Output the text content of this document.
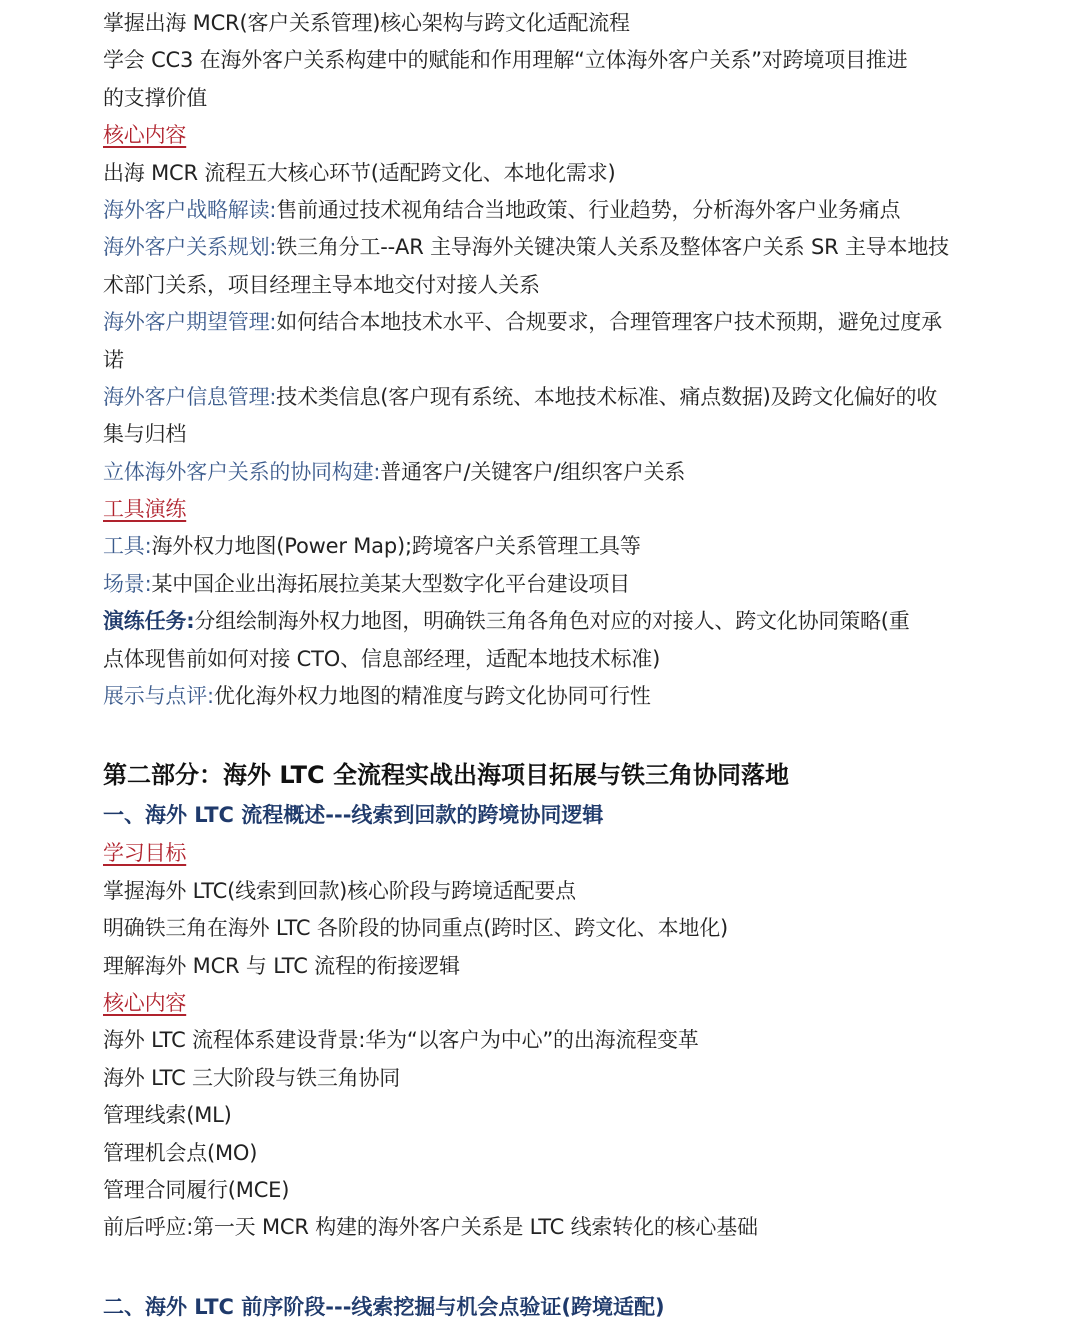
掌握出海 MCR(客户关系管理)核心架构与跨文化适配流程
学会 CC3 在海外客户关系构建中的赋能和作用理解“立体海外客户关系”对跨境项目推进
的支撑价值
核心内容
出海 MCR 流程五大核心环节(适配跨文化、本地化需求)
海外客户战略解读:售前通过技术视角结合当地政策、行业趋势，分析海外客户业务痛点
海外客户关系规划:铁三角分工--AR 主导海外关键决策人关系及整体客户关系 SR 主导本地技
术部门关系，项目经理主导本地交付对接人关系
海外客户期望管理:如何结合本地技术水平、合规要求，合理管理客户技术预期，避免过度承
诺
海外客户信息管理:技术类信息(客户现有系统、本地技术标准、痛点数据)及跨文化偏好的收
集与归档
立体海外客户关系的协同构建:普通客户/关键客户/组织客户关系
工具演练
工具:海外权力地图(Power Map);跨境客户关系管理工具等
场景:某中国企业出海拓展拉美某大型数字化平台建设项目
演练任务:分组绘制海外权力地图，明确铁三角各角色对应的对接人、跨文化协同策略(重
点体现售前如何对接 CTO、信息部经理，适配本地技术标准)
展示与点评:优化海外权力地图的精准度与跨文化协同可行性
第二部分：海外 LTC 全流程实战出海项目拓展与铁三角协同落地
一、海外 LTC 流程概述---线索到回款的跨境协同逻辑
学习目标
掌握海外 LTC(线索到回款)核心阶段与跨境适配要点
明确铁三角在海外 LTC 各阶段的协同重点(跨时区、跨文化、本地化)
理解海外 MCR 与 LTC 流程的衔接逻辑
核心内容
海外 LTC 流程体系建设背景:华为“以客户为中心”的出海流程变革
海外 LTC 三大阶段与铁三角协同
管理线索(ML)
管理机会点(MO)
管理合同履行(MCE)
前后呼应:第一天 MCR 构建的海外客户关系是 LTC 线索转化的核心基础
二、海外 LTC 前序阶段---线索挖掘与机会点验证(跨境适配)
